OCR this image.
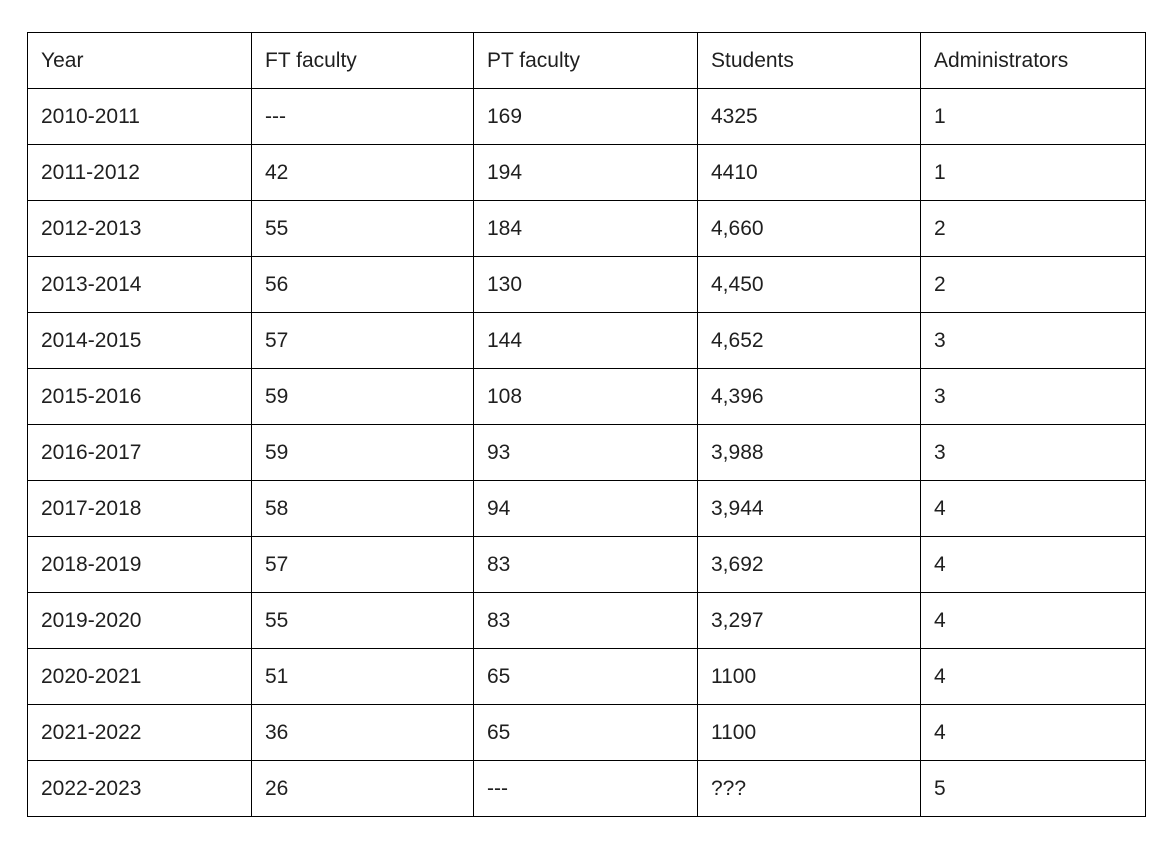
Year	FT faculty	PT faculty	Students	Administrators
2010-2011	---	169	4325	1
2011-2012	42	194	4410	1
2012-2013	55	184	4,660	2
2013-2014	56	130	4,450	2
2014-2015	57	144	4,652	3
2015-2016	59	108	4,396	3
2016-2017	59	93	3,988	3
2017-2018	58	94	3,944	4
2018-2019	57	83	3,692	4
2019-2020	55	83	3,297	4
2020-2021	51	65	1100	4
2021-2022	36	65	1100	4
2022-2023	26	---	???	5
